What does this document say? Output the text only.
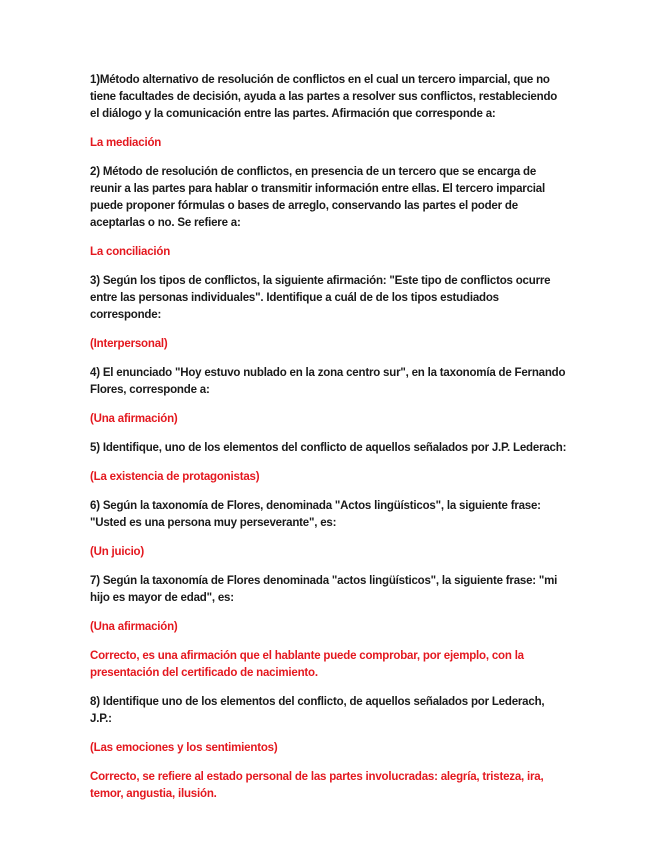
1)Método alternativo de resolución de conflictos en el cual un tercero imparcial, que no tiene facultades de decisión, ayuda a las partes a resolver sus conflictos, restableciendo el diálogo y la comunicación entre las partes. Afirmación que corresponde a:

La mediación

2) Método de resolución de conflictos, en presencia de un tercero que se encarga de reunir a las partes para hablar o transmitir información entre ellas. El tercero imparcial puede proponer fórmulas o bases de arreglo, conservando las partes el poder de aceptarlas o no. Se refiere a:

La conciliación

3) Según los tipos de conflictos, la siguiente afirmación: "Este tipo de conflictos ocurre entre las personas individuales". Identifique a cuál de de los tipos estudiados corresponde:

(Interpersonal)

4) El enunciado "Hoy estuvo nublado en la zona centro sur", en la taxonomía de Fernando Flores, corresponde a:

(Una afirmación)

5) Identifique, uno de los elementos del conflicto de aquellos señalados por J.P. Lederach:

(La existencia de protagonistas)

6) Según la taxonomía de Flores, denominada "Actos lingüísticos", la siguiente frase: "Usted es una persona muy perseverante", es:

(Un juicio)

7) Según la taxonomía de Flores denominada "actos lingüísticos", la siguiente frase: "mi hijo es mayor de edad", es:

(Una afirmación)

Correcto, es una afirmación que el hablante puede comprobar, por ejemplo, con la presentación del certificado de nacimiento.

8) Identifique uno de los elementos del conflicto, de aquellos señalados por Lederach, J.P.:

(Las emociones y los sentimientos)

Correcto, se refiere al estado personal de las partes involucradas: alegría, tristeza, ira, temor, angustia, ilusión.
